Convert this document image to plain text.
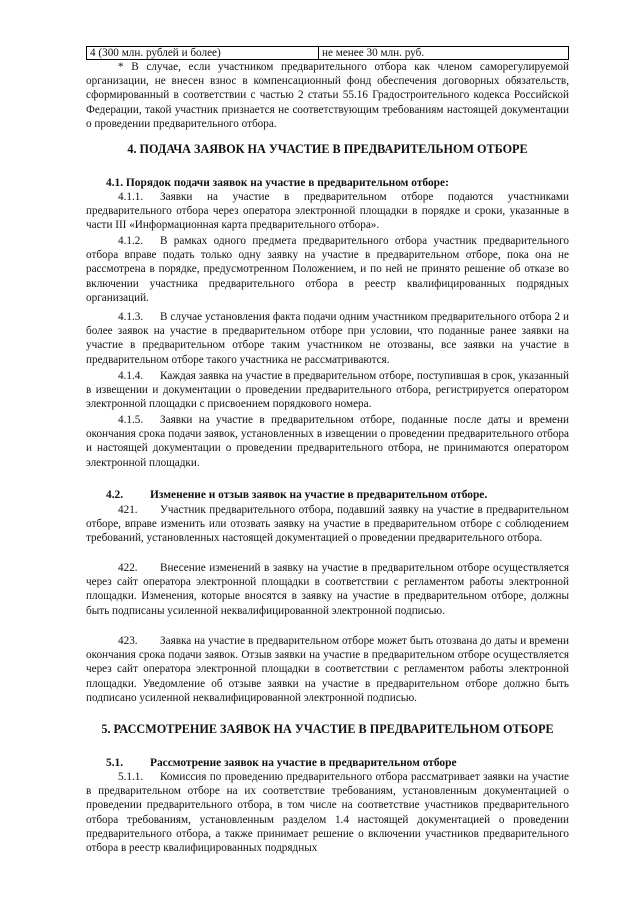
4 (300 млн. рублей и более)	не менее 30 млн. руб.

* В случае, если участником предварительного отбора как членом саморегулируемой организации, не внесен взнос в компенсационный фонд обеспечения договорных обязательств, сформированный в соответствии с частью 2 статьи 55.16 Градостроительного кодекса Российской Федерации, такой участник признается не соответствующим требованиям настоящей документации о проведении предварительного отбора.

4. ПОДАЧА ЗАЯВОК НА УЧАСТИЕ В ПРЕДВАРИТЕЛЬНОМ ОТБОРЕ
4.1. Порядок подачи заявок на участие в предварительном отборе:

4.1.1. Заявки на участие в предварительном отборе подаются участниками предварительного отбора через оператора электронной площадки в порядке и сроки, указанные в части III «Информационная карта предварительного отбора».

4.1.2. В рамках одного предмета предварительного отбора участник предварительного отбора вправе подать только одну заявку на участие в предварительном отборе, пока она не рассмотрена в порядке, предусмотренном Положением, и по ней не принято решение об отказе во включении участника предварительного отбора в реестр квалифицированных подрядных организаций.

4.1.3. В случае установления факта подачи одним участником предварительного отбора 2 и более заявок на участие в предварительном отборе при условии, что поданные ранее заявки на участие в предварительном отборе таким участником не отозваны, все заявки на участие в предварительном отборе такого участника не рассматриваются.

4.1.4. Каждая заявка на участие в предварительном отборе, поступившая в срок, указанный в извещении и документации о проведении предварительного отбора, регистрируется оператором электронной площадки с присвоением порядкового номера.

4.1.5. Заявки на участие в предварительном отборе, поданные после даты и времени окончания срока подачи заявок, установленных в извещении о проведении предварительного отбора и настоящей документации о проведении предварительного отбора, не принимаются оператором электронной площадки.

4.2. Изменение и отзыв заявок на участие в предварительном отборе.

421. Участник предварительного отбора, подавший заявку на участие в предварительном отборе, вправе изменить или отозвать заявку на участие в предварительном отборе с соблюдением требований, установленных настоящей документацией о проведении предварительного отбора.

422. Внесение изменений в заявку на участие в предварительном отборе осуществляется через сайт оператора электронной площадки в соответствии с регламентом работы электронной площадки. Изменения, которые вносятся в заявку на участие в предварительном отборе, должны быть подписаны усиленной неквалифицированной электронной подписью.

423. Заявка на участие в предварительном отборе может быть отозвана до даты и времени окончания срока подачи заявок. Отзыв заявки на участие в предварительном отборе осуществляется через сайт оператора электронной площадки в соответствии с регламентом работы электронной площадки. Уведомление об отзыве заявки на участие в предварительном отборе должно быть подписано усиленной неквалифицированной электронной подписью.

5. РАССМОТРЕНИЕ ЗАЯВОК НА УЧАСТИЕ В ПРЕДВАРИТЕЛЬНОМ ОТБОРЕ
5.1. Рассмотрение заявок на участие в предварительном отборе

5.1.1. Комиссия по проведению предварительного отбора рассматривает заявки на участие в предварительном отборе на их соответствие требованиям, установленным документацией о проведении предварительного отбора, в том числе на соответствие участников предварительного отбора требованиям, установленным разделом 1.4 настоящей документацией о проведении предварительного отбора, а также принимает решение о включении участников предварительного отбора в реестр квалифицированных подрядных
